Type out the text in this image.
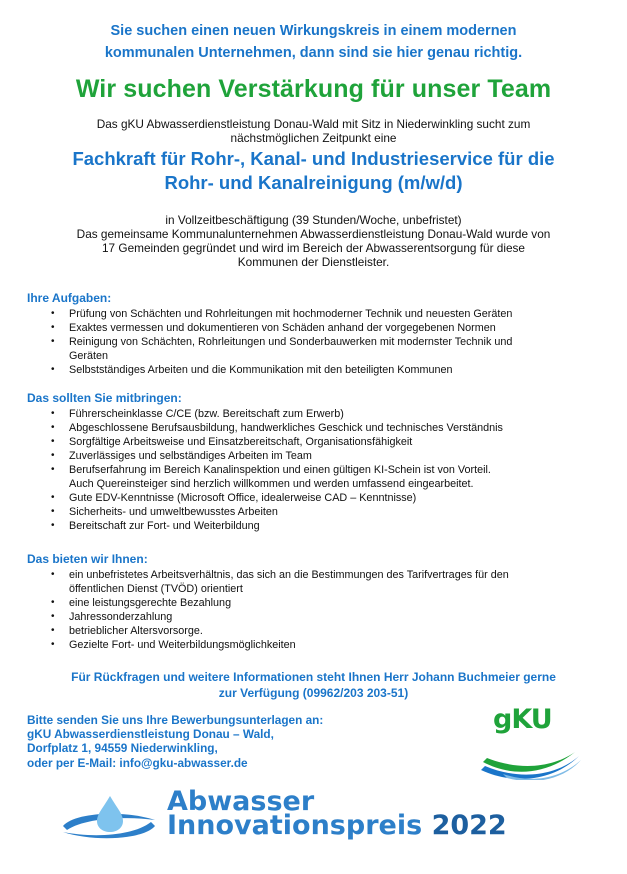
Sie suchen einen neuen Wirkungskreis in einem modernen
kommunalen Unternehmen, dann sind sie hier genau richtig.
Wir suchen Verstärkung für unser Team
Das gKU Abwasserdienstleistung Donau-Wald mit Sitz in Niederwinkling sucht zum
nächstmöglichen Zeitpunkt eine
Fachkraft für Rohr-, Kanal- und Industrieservice für die
Rohr- und Kanalreinigung (m/w/d)
in Vollzeitbeschäftigung (39 Stunden/Woche, unbefristet)
Das gemeinsame Kommunalunternehmen Abwasserdienstleistung Donau-Wald wurde von
17 Gemeinden gegründet und wird im Bereich der Abwasserentsorgung für diese
Kommunen der Dienstleister.
Ihre Aufgaben:
• Prüfung von Schächten und Rohrleitungen mit hochmoderner Technik und neuesten Geräten
• Exaktes vermessen und dokumentieren von Schäden anhand der vorgegebenen Normen
• Reinigung von Schächten, Rohrleitungen und Sonderbauwerken mit modernster Technik und
Geräten
• Selbstständiges Arbeiten und die Kommunikation mit den beteiligten Kommunen
Das sollten Sie mitbringen:
• Führerscheinklasse C/CE (bzw. Bereitschaft zum Erwerb)
• Abgeschlossene Berufsausbildung, handwerkliches Geschick und technisches Verständnis
• Sorgfältige Arbeitsweise und Einsatzbereitschaft, Organisationsfähigkeit
• Zuverlässiges und selbständiges Arbeiten im Team
• Berufserfahrung im Bereich Kanalinspektion und einen gültigen KI-Schein ist von Vorteil.
Auch Quereinsteiger sind herzlich willkommen und werden umfassend eingearbeitet.
• Gute EDV-Kenntnisse (Microsoft Office, idealerweise CAD – Kenntnisse)
• Sicherheits- und umweltbewusstes Arbeiten
• Bereitschaft zur Fort- und Weiterbildung
Das bieten wir Ihnen:
• ein unbefristetes Arbeitsverhältnis, das sich an die Bestimmungen des Tarifvertrages für den
öffentlichen Dienst (TVÖD) orientiert
• eine leistungsgerechte Bezahlung
• Jahressonderzahlung
• betrieblicher Altersvorsorge.
• Gezielte Fort- und Weiterbildungsmöglichkeiten
Für Rückfragen und weitere Informationen steht Ihnen Herr Johann Buchmeier gerne
zur Verfügung (09962/203 203-51)
Bitte senden Sie uns Ihre Bewerbungsunterlagen an:
gKU Abwasserdienstleistung Donau – Wald,
Dorfplatz 1, 94559 Niederwinkling,
oder per E-Mail: info@gku-abwasser.de
gKU
Abwasser
Innovationspreis 2022
